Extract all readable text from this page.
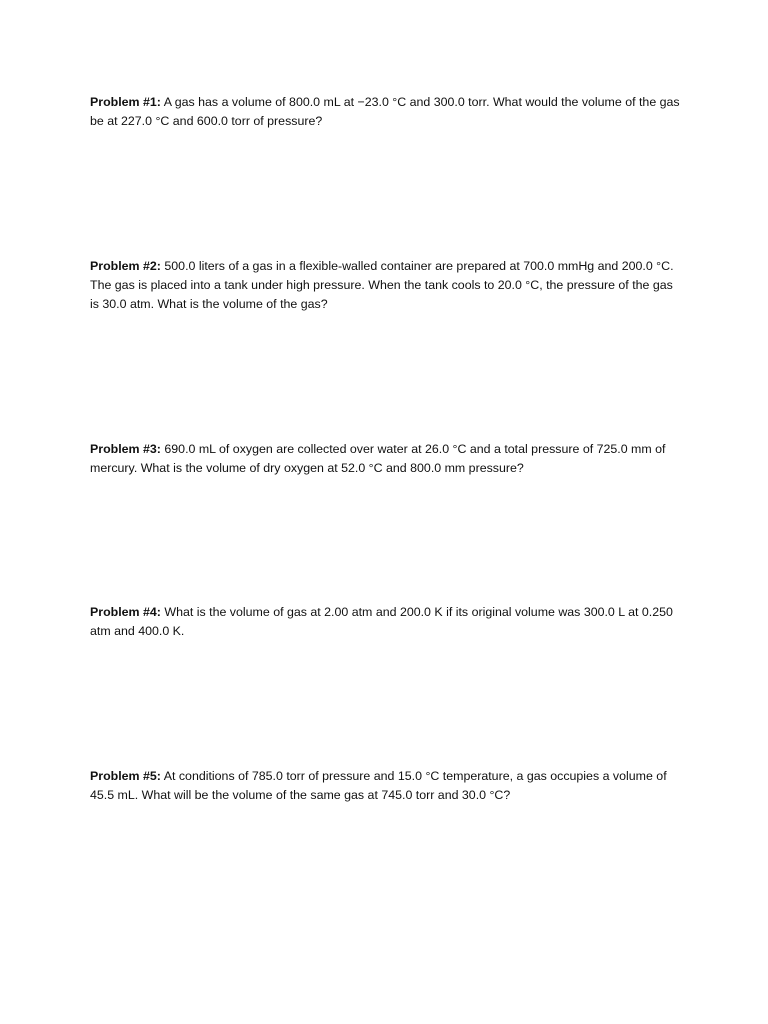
Problem #1: A gas has a volume of 800.0 mL at −23.0 °C and 300.0 torr. What would the volume of the gas be at 227.0 °C and 600.0 torr of pressure?

Problem #2: 500.0 liters of a gas in a flexible-walled container are prepared at 700.0 mmHg and 200.0 °C. The gas is placed into a tank under high pressure. When the tank cools to 20.0 °C, the pressure of the gas is 30.0 atm. What is the volume of the gas?

Problem #3: 690.0 mL of oxygen are collected over water at 26.0 °C and a total pressure of 725.0 mm of mercury. What is the volume of dry oxygen at 52.0 °C and 800.0 mm pressure?

Problem #4: What is the volume of gas at 2.00 atm and 200.0 K if its original volume was 300.0 L at 0.250 atm and 400.0 K.

Problem #5: At conditions of 785.0 torr of pressure and 15.0 °C temperature, a gas occupies a volume of 45.5 mL. What will be the volume of the same gas at 745.0 torr and 30.0 °C?
